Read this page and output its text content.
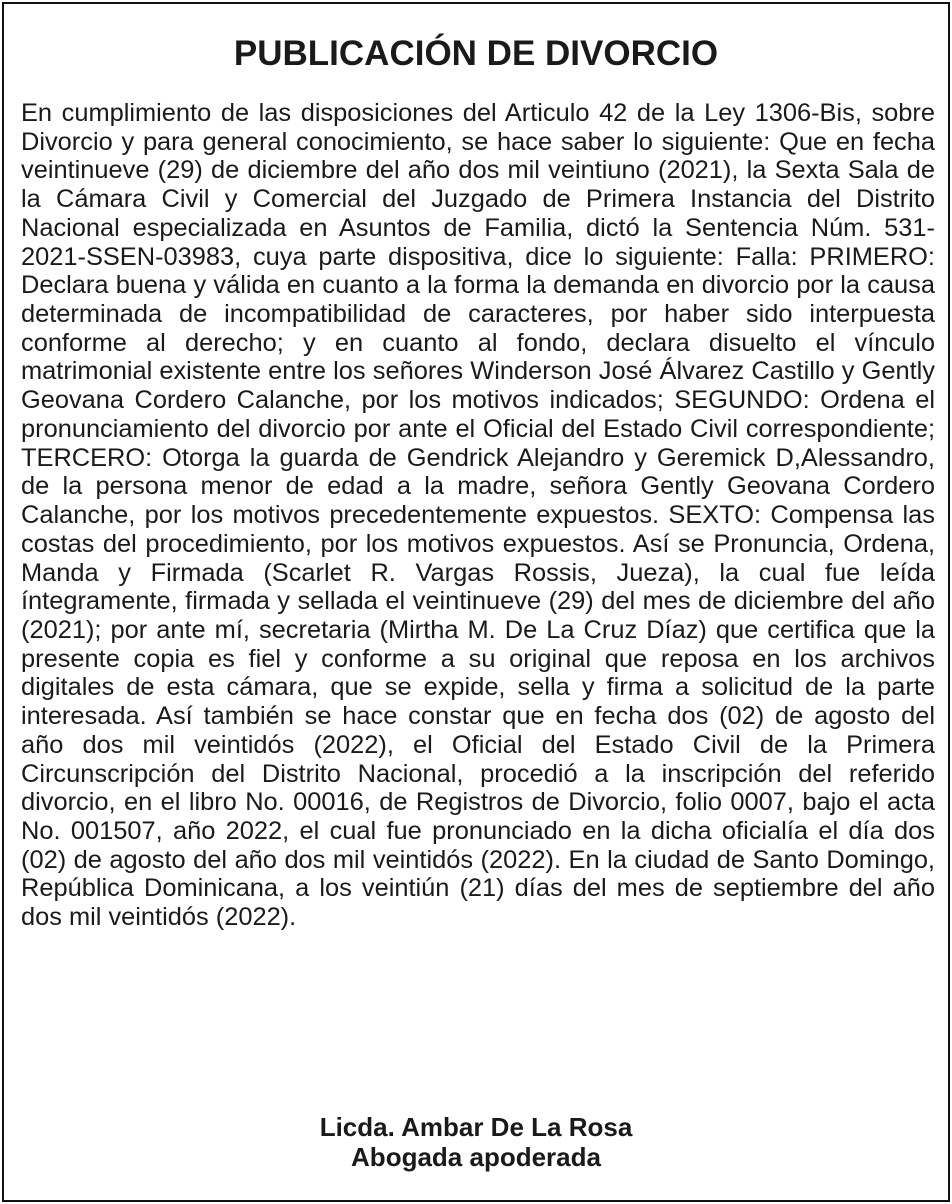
PUBLICACIÓN DE DIVORCIO

En cumplimiento de las disposiciones del Articulo 42 de la Ley 1306-Bis, sobre Divorcio y para general conocimiento, se hace saber lo siguiente: Que en fecha veintinueve (29) de diciembre del año dos mil veintiuno (2021), la Sexta Sala de la Cámara Civil y Comercial del Juzgado de Primera Instancia del Distrito Nacional especializada en Asuntos de Familia, dictó la Sentencia Núm. 531-2021-SSEN-03983, cuya parte dispositiva, dice lo siguiente: Falla: PRIMERO: Declara buena y válida en cuanto a la forma la demanda en divorcio por la causa determinada de incompatibilidad de caracteres, por haber sido interpuesta conforme al derecho; y en cuanto al fondo, declara disuelto el vínculo matrimonial existente entre los señores Winderson José Álvarez Castillo y Gently Geovana Cordero Calanche, por los motivos indicados; SEGUNDO: Ordena el pronunciamiento del divorcio por ante el Oficial del Estado Civil correspondiente; TERCERO: Otorga la guarda de Gendrick Alejandro y Geremick D,Alessandro, de la persona menor de edad a la madre, señora Gently Geovana Cordero Calanche, por los motivos precedentemente expuestos. SEXTO: Compensa las costas del procedimiento, por los motivos expuestos. Así se Pronuncia, Ordena, Manda y Firmada (Scarlet R. Vargas Rossis, Jueza), la cual fue leída íntegramente, firmada y sellada el veintinueve (29) del mes de diciembre del año (2021); por ante mí, secretaria (Mirtha M. De La Cruz Díaz) que certifica que la presente copia es fiel y conforme a su original que reposa en los archivos digitales de esta cámara, que se expide, sella y firma a solicitud de la parte interesada. Así también se hace constar que en fecha dos (02) de agosto del año dos mil veintidós (2022), el Oficial del Estado Civil de la Primera Circunscripción del Distrito Nacional, procedió a la inscripción del referido divorcio, en el libro No. 00016, de Registros de Divorcio, folio 0007, bajo el acta No. 001507, año 2022, el cual fue pronunciado en la dicha oficialía el día dos (02) de agosto del año dos mil veintidós (2022). En la ciudad de Santo Domingo, República Dominicana, a los veintiún (21) días del mes de septiembre del año dos mil veintidós (2022).

Licda. Ambar De La Rosa
Abogada apoderada
